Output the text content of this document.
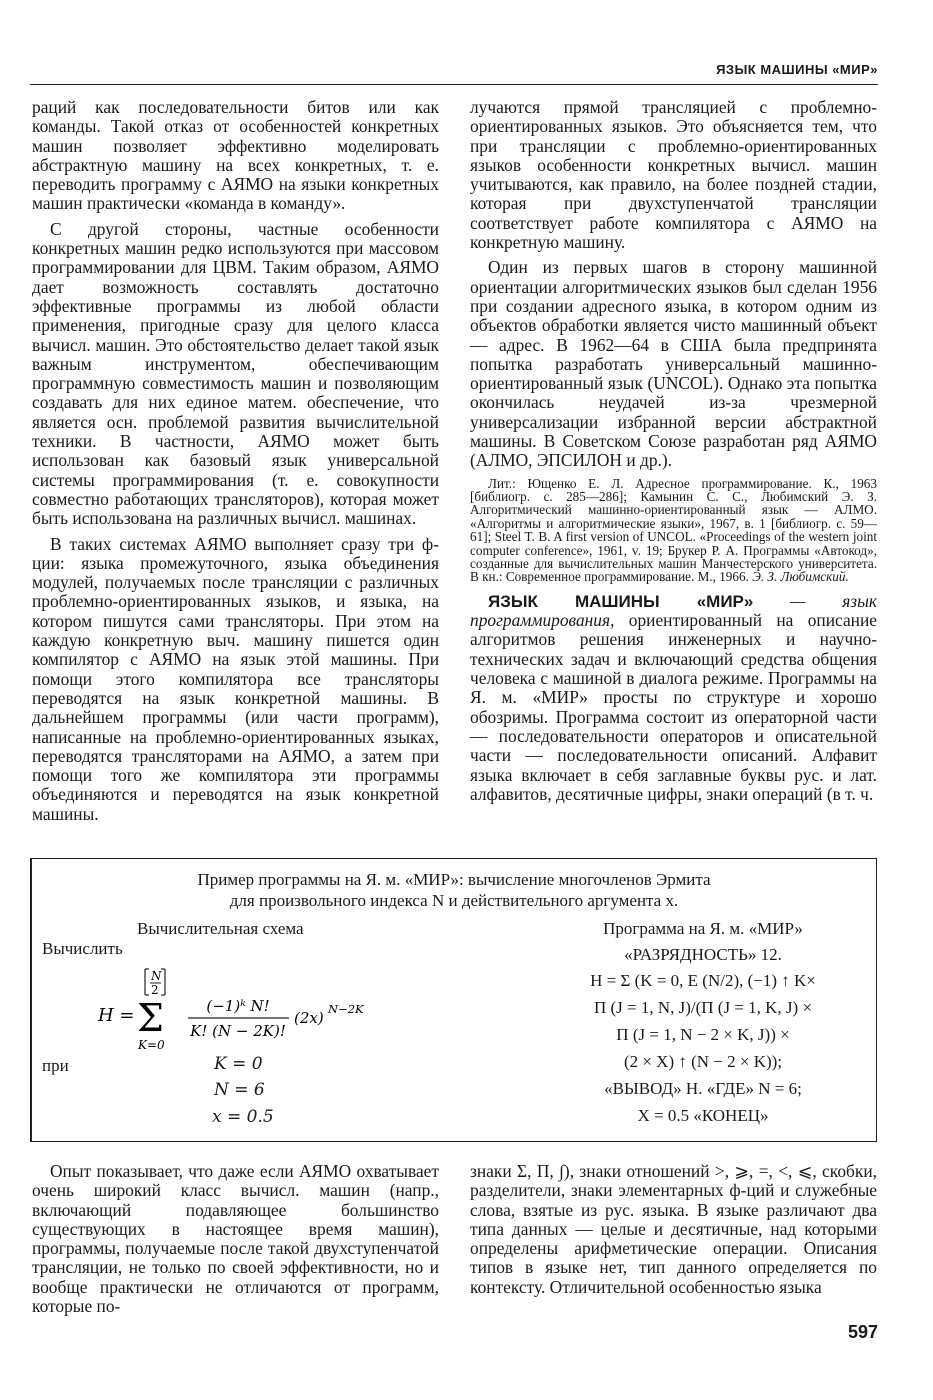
ЯЗЫК МАШИНЫ «МИР»

раций как последовательности битов или как команды. Такой отказ от особенностей конкретных машин позволяет эффективно моделировать абстрактную машину на всех конкретных, т. е. переводить программу с АЯМО на языки конкретных машин практически «команда в команду».

С другой стороны, частные особенности конкретных машин редко используются при массовом программировании для ЦВМ. Таким образом, АЯМО дает возможность составлять достаточно эффективные программы из любой области применения, пригодные сразу для целого класса вычисл. машин. Это обстоятельство делает такой язык важным инструментом, обеспечивающим программную совместимость машин и позволяющим создавать для них единое матем. обеспечение, что является осн. проблемой развития вычислительной техники. В частности, АЯМО может быть использован как базовый язык универсальной системы программирования (т. е. совокупности совместно работающих трансляторов), которая может быть использована на различных вычисл. машинах.

В таких системах АЯМО выполняет сразу три ф-ции: языка промежуточного, языка объединения модулей, получаемых после трансляции с различных проблемно-ориентированных языков, и языка, на котором пишутся сами трансляторы. При этом на каждую конкретную выч. машину пишется один компилятор с АЯМО на язык этой машины. При помощи этого компилятора все трансляторы переводятся на язык конкретной машины. В дальнейшем программы (или части программ), написанные на проблемно-ориентированных языках, переводятся трансляторами на АЯМО, а затем при помощи того же компилятора эти программы объединяются и переводятся на язык конкретной машины.

лучаются прямой трансляцией с проблемно-ориентированных языков. Это объясняется тем, что при трансляции с проблемно-ориентированных языков особенности конкретных вычисл. машин учитываются, как правило, на более поздней стадии, которая при двухступенчатой трансляции соответствует работе компилятора с АЯМО на конкретную машину.

Один из первых шагов в сторону машинной ориентации алгоритмических языков был сделан 1956 при создании адресного языка, в котором одним из объектов обработки является чисто машинный объект — адрес. В 1962—64 в США была предпринята попытка разработать универсальный машинно-ориентированный язык (UNCOL). Однако эта попытка окончилась неудачей из-за чрезмерной универсализации избранной версии абстрактной машины. В Советском Союзе разработан ряд АЯМО (АЛМО, ЭПСИЛОН и др.).

Лит.: Ющенко Е. Л. Адресное программирование. К., 1963 [библиогр. с. 285—286]; Камынин С. С., Любимский Э. З. Алгоритмический машинно-ориентированный язык — АЛМО. «Алгоритмы и алгоритмические языки», 1967, в. 1 [библиогр. с. 59—61]; Steel T. B. A first version of UNCOL. «Proceedings of the western joint computer conference», 1961, v. 19; Брукер Р. А. Программы «Автокод», созданные для вычислительных машин Манчестерского университета. В кн.: Современное программирование. М., 1966. Э. З. Любимский.

ЯЗЫК МАШИНЫ «МИР» — язык программирования, ориентированный на описание алгоритмов решения инженерных и научно-технических задач и включающий средства общения человека с машиной в диалога режиме. Программы на Я. м. «МИР» просты по структуре и хорошо обозримы. Программа состоит из операторной части — последовательности операторов и описательной части — последовательности описаний. Алфавит языка включает в себя заглавные буквы рус. и лат. алфавитов, десятичные цифры, знаки операций (в т. ч.

Пример программы на Я. м. «МИР»: вычисление многочленов Эрмита
для произвольного индекса N и действительного аргумента x.
Вычислительная схема
Вычислить
H =
N
2
Σ
K=0
(−1)ᵏ N!
K! (N − 2K)!
(2x) N−2K
при	K = 0
N = 6
x = 0.5
Программа на Я. м. «МИР»
«РАЗРЯДНОСТЬ» 12.
H = Σ (K = 0, E (N/2), (−1) ↑ K×
Π (J = 1, N, J)/(Π (J = 1, K, J) ×
Π (J = 1, N − 2 × K, J)) ×
(2 × X) ↑ (N − 2 × K));
«ВЫВОД» H. «ГДЕ» N = 6;
X = 0.5 «КОНЕЦ»

Опыт показывает, что даже если АЯМО охватывает очень широкий класс вычисл. машин (напр., включающий подавляющее большинство существующих в настоящее время машин), программы, получаемые после такой двухступенчатой трансляции, не только по своей эффективности, но и вообще практически не отличаются от программ, которые по-

знаки Σ, Π, ∫), знаки отношений >, ⩾, =, <, ⩽, скобки, разделители, знаки элементарных ф-ций и служебные слова, взятые из рус. языка. В языке различают два типа данных — целые и десятичные, над которыми определены арифметические операции. Описания типов в языке нет, тип данного определяется по контексту. Отличительной особенностью языка

597
